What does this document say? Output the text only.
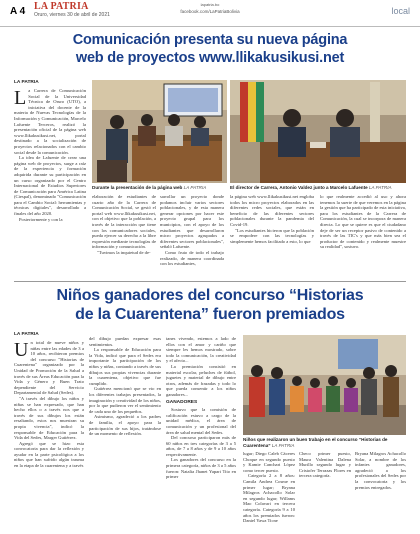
A 4 LA PATRIA
Oruro, viernes 30 de abril de 2021
lapatria.bo
facebook.com/LaPatriaBolivia	local
Comunicación presenta su nueva página
web de proyectos www.llikakusikusi.net
LA PATRIA
L a Carrera de Comunicación Social de la Universidad Técnica de Oruro (UTO), a iniciativa del docente de la materia de Nuevas Tecnologías de la Información y Comunicación, Marcelo Lafuente Terceros, realizó la presentación oficial de la página web www.llikakusikusi.net, portal destinado a la socialización de proyectos relacionados con el cambio social desde la comunicación.

La idea de Lafuente de crear una página web de proyectos, surge a raíz de la experiencia y formación adquirida durante su participación en un curso organizado por el Centro Internacional de Estudios Superiores de Comunicación para América Latina (Ciespal), denominado "Comunicación para el Cambio Social: herramientas y técnicas digitales", desarrollado a finales del año 2020.

Posteriormente y con la

Durante la presentación de la página web LA PATRIA	El director de Carrera, Antonio Valdez junto a Marcelo Lafuente LA PATRIA
elaboración de estudiantes de cuarto año de la Carrera de Comunicación Social, se gestó el portal web www.llikakusikusi.net, con el objetivo que la población, a través de la interacción que tiene con los comunicadores sociales, pueda ejercer su derecho a la libre expresión mediante tecnologías de información y comunicación.

"Tuvimos la inquietud de de-

sarrollar un proyecto donde podamos incluir varios sectores poblacionales, y de esta manera generar opciones por hacer este proyecto grupal para los municipios, con el apoyo de los estudiantes que desarrollaron micro proyectos agrupados a diferentes sectores poblacionales", señaló Lafuente.

Como fruto de todo el trabajo realizado, de manera coordinada con los estudiantes,

la página web www.llikakusikusi.net engloba todos los micro proyectos elaborados en las diferentes redes sociales, que están en beneficio de las diferentes sectores poblacionales durante la pandemia del Covid-19.

"Los estudiantes hicieron que la población se empodere con las tecnologías y simplemente hemos facilitado a esto, lo que

lo que realmente accedió al uso y ahora tenemos la suerte de que veremos en la página la gestión que ha participado de esta iniciativa, para los estudiantes de la Carrera de Comunicación, la cual se incorpora de manera directa. Lo que se quiere es que el ciudadano deje de ser un receptor pasivo de contenido a través de las TIC's y que más bien sea el productor de contenido y realmente muestre su realidad", sostuvo.
Niños ganadores del concurso “Historias
de la Cuarentena” fueron premiados
LA PATRIA
U n total de nueve niños y niñas entre las edades de 3 a 10 años, recibieron premios del concurso "Historias de Cuarentena" organizado por la Unidad de Promoción de la Salud a través de sus Áreas Educación para la Vida y Género y Buen Trato dependiente del Servicio Departamental de Salud (Sedes).

"A través del dibujo los niños y niñas se han expresado, que han hecho ellos o a través nos que a través de sus dibujos los están resaltando, estos nos muestran su propia vivencia", indicó la responsable de Educación para la Vida del Sedes, Marger Gutiérrez.

Agregó que se hizo esta convocatoria para dar la reflexión y ayudar en la parte psicológica a los niños que han sufrido algún trauma en la etapa de la cuarentena y a través

del dibujo puedan expresar esas sentimientos.

La responsable de Educación para la Vida, indicó que para el Sedes era importante la participación de los niños y niñas, contando a través de sus dibujos sus propias vivencias durante la cuarentena, objetivo que fue cumplido.

Gutiérrez mencionó que se vio en los diferentes trabajos presentados, la imaginación y creatividad de los niños, por lo que pudieron ver el sentimiento de cada uno de los pequeños.

Asimismo, agradeció a los padres de familia, el apoyo para la participación de sus hijos, tratándose de un momento de reflexión.

tanes vivendo, estemos a lado de ellos con el amor y cariño que siempre les hemos mostrado, sobre todo la comunicación, la creatividad y el afecto...

La premiación consistió en material escolar, peluches de fútbol, juguetes y material de dibujo entre otros, además de frazadas y todo lo que pueda consentir a los niños ganadores...

GANADORES

Sostuvo que la comisión de calificación estuvo a cargo de la unidad médica, el área de comunicación y un profesional del área de salud mental del Sedes.

Del concurso participaron más de 60 niños en tres categorías de 3 a 5 años, de 7 a 8 años y de 9 a 10 años respectivamente.

Los ganadores del concurso en la primera categoría, niños de 3 a 5 años fueron: Natalia Jhanet Yapari Tito en primer

Niños que realizaron un buen trabajo en el concurso “Historias de Cuarentena” LA PATRIA
lugar; Diego Caleb Cáceres Choque en segundo puesto y Kamie Canchari López como tercer puesto.

Categoría 2 a 8 años: Camila Andrea Cosme en primer lugar; Bryana Milagros Achacollo Solar en segundo lugar; Willams Mao Colavari en tercera categoría. Categoría 9 a 10 años los premiados fueron: Daniel Yawa Ticne

Checo primer puesto, Maura Valentina Dalena Murillo segundo lugar y Cristofer Terrazas Flores en tercera categoría.
Bryana Milagros Achacollo Solar, a nombre de los infantes ganadores, agradeció a los profesionales del Sedes por la convocatoria y los premios entregados.
